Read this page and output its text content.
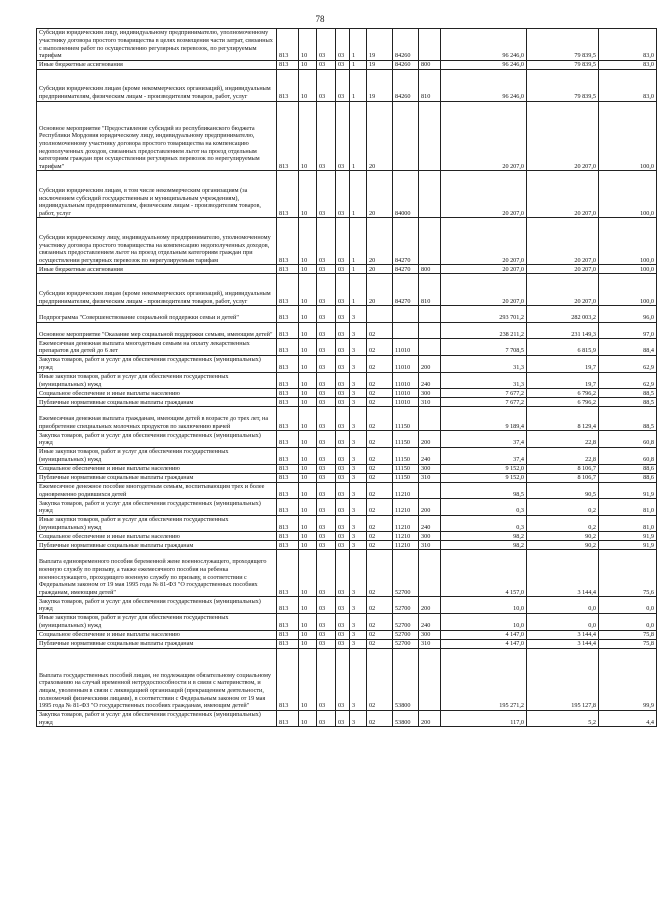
78
Субсидии юридическим лицу, индивидуальному предпринимателю, уполномоченному участнику договора простого товарищества в целях возмещения части затрат, связанных с выполнением работ по осуществлению регулярных перевозок, по регулируемым тарифам	813	10	03	03	1	19	84260		96 246,0	79 839,5	83,0
Иные бюджетные ассигнования	813	10	03	03	1	19	84260	800	96 246,0	79 839,5	83,0
Субсидии юридическим лицам (кроме некоммерческих организаций), индивидуальным предпринимателям, физическим лицам - производителям товаров, работ, услуг	813	10	03	03	1	19	84260	810	96 246,0	79 839,5	83,0
Основное мероприятие "Предоставление субсидий из республиканского бюджета Республики Мордовия юридическому лицу, индивидуальному предпринимателю, уполномоченному участнику договора простого товарищества на компенсацию недополученных доходов, связанных предоставлением льгот на проезд отдельным категориям граждан при осуществлении регулярных перевозок по нерегулируемым тарифам"	813	10	03	03	1	20			20 207,0	20 207,0	100,0
Субсидии юридическим лицам, в том числе некоммерческим организациям (за исключением субсидий государственным и муниципальным учреждениям), индивидуальным предпринимателям, физическим лицам - производителям товаров, работ, услуг	813	10	03	03	1	20	84000		20 207,0	20 207,0	100,0
Субсидии юридическому лицу, индивидуальному предпринимателю, уполномоченному участнику договора простого товарищества на компенсацию недополученных доходов, связанных предоставлением льгот на проезд отдельным категориям граждан при осуществлении регулярных перевозок по нерегулируемым тарифам	813	10	03	03	1	20	84270		20 207,0	20 207,0	100,0
Иные бюджетные ассигнования	813	10	03	03	1	20	84270	800	20 207,0	20 207,0	100,0
Субсидии юридическим лицам (кроме некоммерческих организаций), индивидуальным предпринимателям, физическим лицам - производителям товаров, работ, услуг	813	10	03	03	1	20	84270	810	20 207,0	20 207,0	100,0
Подпрограмма "Совершенствование социальной поддержки семьи и детей"	813	10	03	03	3				293 701,2	282 003,2	96,0
Основное мероприятие "Оказание мер социальной поддержки семьям, имеющим детей"	813	10	03	03	3	02			238 211,2	231 149,3	97,0
Ежемесячная денежная выплата многодетным семьям на оплату лекарственных препаратов для детей до 6 лет	813	10	03	03	3	02	11010		7 708,5	6 815,9	88,4
Закупка товаров, работ и услуг для обеспечения государственных (муниципальных) нужд	813	10	03	03	3	02	11010	200	31,3	19,7	62,9
Иные закупки товаров, работ и услуг для обеспечения государственных (муниципальных) нужд	813	10	03	03	3	02	11010	240	31,3	19,7	62,9
Социальное обеспечение и иные выплаты населению	813	10	03	03	3	02	11010	300	7 677,2	6 796,2	88,5
Публичные нормативные социальные выплаты гражданам	813	10	03	03	3	02	11010	310	7 677,2	6 796,2	88,5
Ежемесячная денежная выплата гражданам, имеющим детей в возрасте до трех лет, на приобретение специальных молочных продуктов по заключению врачей	813	10	03	03	3	02	11150		9 189,4	8 129,4	88,5
Закупка товаров, работ и услуг для обеспечения государственных (муниципальных) нужд	813	10	03	03	3	02	11150	200	37,4	22,8	60,8
Иные закупки товаров, работ и услуг для обеспечения государственных (муниципальных) нужд	813	10	03	03	3	02	11150	240	37,4	22,8	60,8
Социальное обеспечение и иные выплаты населению	813	10	03	03	3	02	11150	300	9 152,0	8 106,7	88,6
Публичные нормативные социальные выплаты гражданам	813	10	03	03	3	02	11150	310	9 152,0	8 106,7	88,6
Ежемесячное денежное пособие многодетным семьям, воспитывающим трех и более одновременно родившихся детей	813	10	03	03	3	02	11210		98,5	90,5	91,9
Закупка товаров, работ и услуг для обеспечения государственных (муниципальных) нужд	813	10	03	03	3	02	11210	200	0,3	0,2	81,0
Иные закупки товаров, работ и услуг для обеспечения государственных (муниципальных) нужд	813	10	03	03	3	02	11210	240	0,3	0,2	81,0
Социальное обеспечение и иные выплаты населению	813	10	03	03	3	02	11210	300	98,2	90,2	91,9
Публичные нормативные социальные выплаты гражданам	813	10	03	03	3	02	11210	310	98,2	90,2	91,9
Выплата единовременного пособия беременной жене военнослужащего, проходящего военную службу по призыву, а также ежемесячного пособия на ребенка военнослужащего, проходящего военную службу по призыву, в соответствии с Федеральным законом от 19 мая 1995 года № 81-ФЗ "О государственных пособиях гражданам, имеющим детей"	813	10	03	03	3	02	52700		4 157,0	3 144,4	75,6
Закупка товаров, работ и услуг для обеспечения государственных (муниципальных) нужд	813	10	03	03	3	02	52700	200	10,0	0,0	0,0
Иные закупки товаров, работ и услуг для обеспечения государственных (муниципальных) нужд	813	10	03	03	3	02	52700	240	10,0	0,0	0,0
Социальное обеспечение и иные выплаты населению	813	10	03	03	3	02	52700	300	4 147,0	3 144,4	75,8
Публичные нормативные социальные выплаты гражданам	813	10	03	03	3	02	52700	310	4 147,0	3 144,4	75,8
Выплата государственных пособий лицам, не подлежащим обязательному социальному страхованию на случай временной нетрудоспособности и в связи с материнством, и лицам, уволенным в связи с ликвидацией организаций (прекращением деятельности, полномочий физическими лицами), в соответствии с Федеральным законом от 19 мая 1995 года № 81-ФЗ "О государственных пособиях гражданам, имеющим детей"	813	10	03	03	3	02	53800		195 271,2	195 127,8	99,9
Закупка товаров, работ и услуг для обеспечения государственных (муниципальных) нужд	813	10	03	03	3	02	53800	200	117,0	5,2	4,4
